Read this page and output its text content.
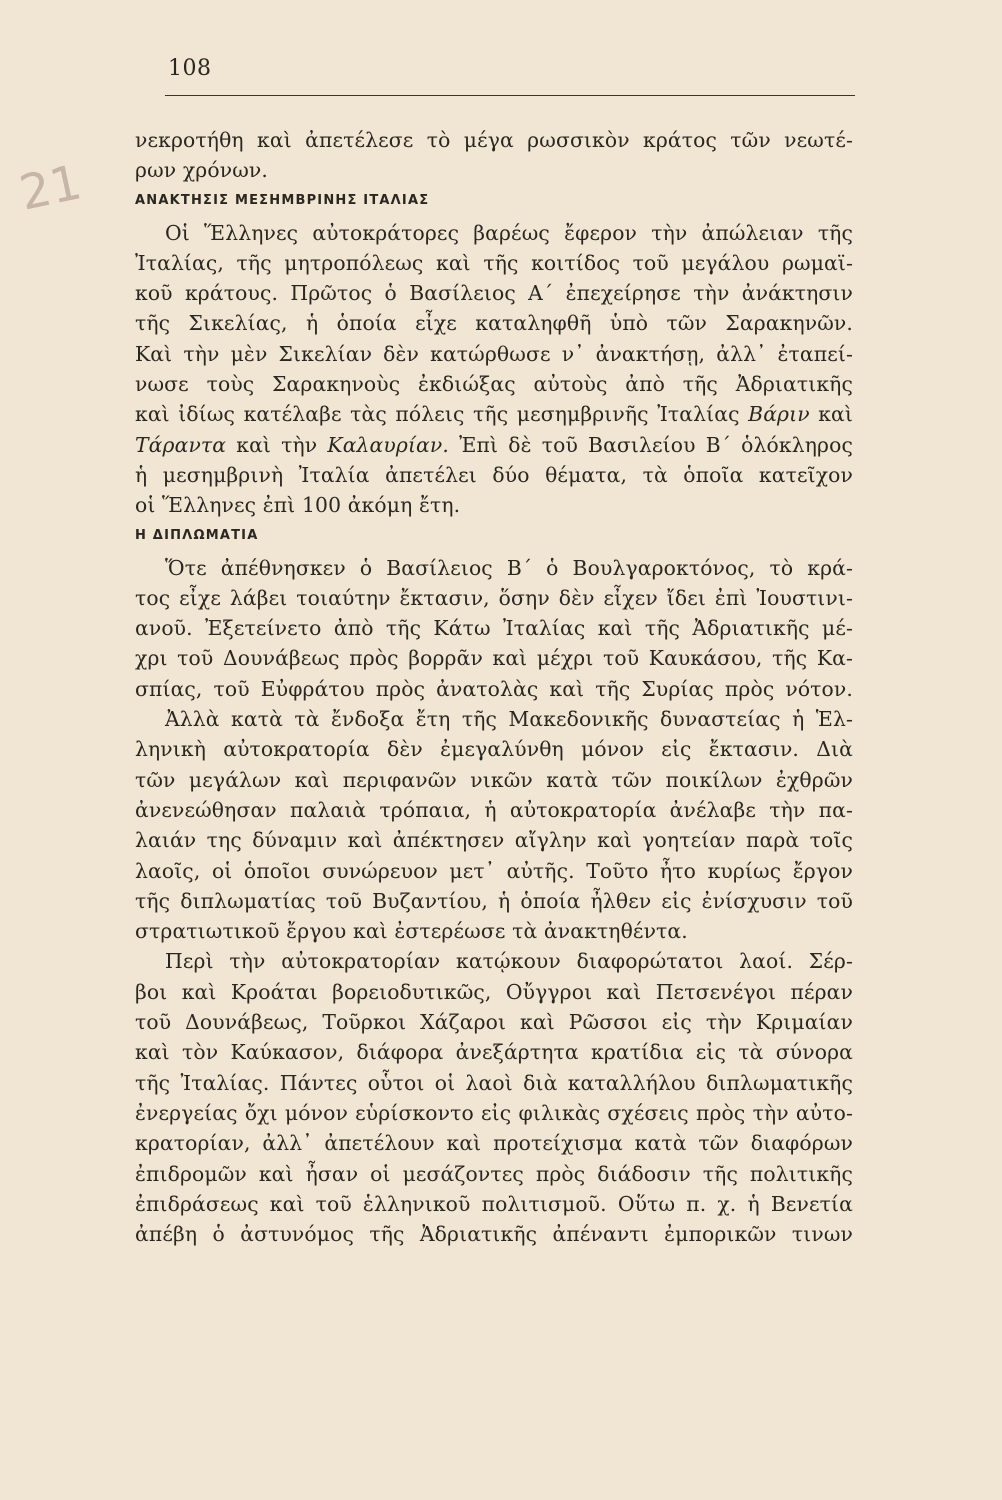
108
21
νεκροτήθη καὶ ἀπετέλεσε τὸ μέγα ρωσσικὸν κράτος τῶν νεωτέ-
ρων χρόνων.
ΑΝΑΚΤΗΣΙΣ ΜΕΣΗΜΒΡΙΝΗΣ ΙΤΑΛΙΑΣ
Οἱ Ἕλληνες αὐτοκράτορες βαρέως ἔφερον τὴν ἀπώλειαν τῆς
Ἰταλίας, τῆς μητροπόλεως καὶ τῆς κοιτίδος τοῦ μεγάλου ρωμαϊ-
κοῦ κράτους. Πρῶτος ὁ Βασίλειος Α΄ ἐπεχείρησε τὴν ἀνάκτησιν
τῆς Σικελίας, ἡ ὁποία εἶχε καταληφθῆ ὑπὸ τῶν Σαρακηνῶν.
Καὶ τὴν μὲν Σικελίαν δὲν κατώρθωσε ν᾽ ἀνακτήσῃ, ἀλλ᾽ ἐταπεί-
νωσε τοὺς Σαρακηνοὺς ἐκδιώξας αὐτοὺς ἀπὸ τῆς Ἀδριατικῆς
καὶ ἰδίως κατέλαβε τὰς πόλεις τῆς μεσημβρινῆς Ἰταλίας Βάριν καὶ
Τάραντα καὶ τὴν Καλαυρίαν. Ἐπὶ δὲ τοῦ Βασιλείου Β΄ ὁλόκληρος
ἡ μεσημβρινὴ Ἰταλία ἀπετέλει δύο θέματα, τὰ ὁποῖα κατεῖχον
οἱ Ἕλληνες ἐπὶ 100 ἀκόμη ἔτη.
Η ΔΙΠΛΩΜΑΤΙΑ
Ὅτε ἀπέθνησκεν ὁ Βασίλειος Β΄ ὁ Βουλγαροκτόνος, τὸ κρά-
τος εἶχε λάβει τοιαύτην ἔκτασιν, ὅσην δὲν εἶχεν ἴδει ἐπὶ Ἰουστινι-
ανοῦ. Ἐξετείνετο ἀπὸ τῆς Κάτω Ἰταλίας καὶ τῆς Ἀδριατικῆς μέ-
χρι τοῦ Δουνάβεως πρὸς βορρᾶν καὶ μέχρι τοῦ Καυκάσου, τῆς Κα-
σπίας, τοῦ Εὐφράτου πρὸς ἀνατολὰς καὶ τῆς Συρίας πρὸς νότον.
Ἀλλὰ κατὰ τὰ ἔνδοξα ἔτη τῆς Μακεδονικῆς δυναστείας ἡ Ἑλ-
ληνικὴ αὐτοκρατορία δὲν ἐμεγαλύνθη μόνον εἰς ἔκτασιν. Διὰ
τῶν μεγάλων καὶ περιφανῶν νικῶν κατὰ τῶν ποικίλων ἐχθρῶν
ἀνενεώθησαν παλαιὰ τρόπαια, ἡ αὐτοκρατορία ἀνέλαβε τὴν πα-
λαιάν της δύναμιν καὶ ἀπέκτησεν αἴγλην καὶ γοητείαν παρὰ τοῖς
λαοῖς, οἱ ὁποῖοι συνώρευον μετ᾽ αὐτῆς. Τοῦτο ἦτο κυρίως ἔργον
τῆς διπλωματίας τοῦ Βυζαντίου, ἡ ὁποία ἦλθεν εἰς ἐνίσχυσιν τοῦ
στρατιωτικοῦ ἔργου καὶ ἐστερέωσε τὰ ἀνακτηθέντα.
Περὶ τὴν αὐτοκρατορίαν κατῴκουν διαφορώτατοι λαοί. Σέρ-
βοι καὶ Κροάται βορειοδυτικῶς, Οὔγγροι καὶ Πετσενέγοι πέραν
τοῦ Δουνάβεως, Τοῦρκοι Χάζαροι καὶ Ρῶσσοι εἰς τὴν Κριμαίαν
καὶ τὸν Καύκασον, διάφορα ἀνεξάρτητα κρατίδια εἰς τὰ σύνορα
τῆς Ἰταλίας. Πάντες οὗτοι οἱ λαοὶ διὰ καταλλήλου διπλωματικῆς
ἐνεργείας ὄχι μόνον εὑρίσκοντο εἰς φιλικὰς σχέσεις πρὸς τὴν αὐτο-
κρατορίαν, ἀλλ᾽ ἀπετέλουν καὶ προτείχισμα κατὰ τῶν διαφόρων
ἐπιδρομῶν καὶ ἦσαν οἱ μεσάζοντες πρὸς διάδοσιν τῆς πολιτικῆς
ἐπιδράσεως καὶ τοῦ ἑλληνικοῦ πολιτισμοῦ. Οὕτω π. χ. ἡ Βενετία
ἀπέβη ὁ ἀστυνόμος τῆς Ἀδριατικῆς ἀπέναντι ἐμπορικῶν τινων
